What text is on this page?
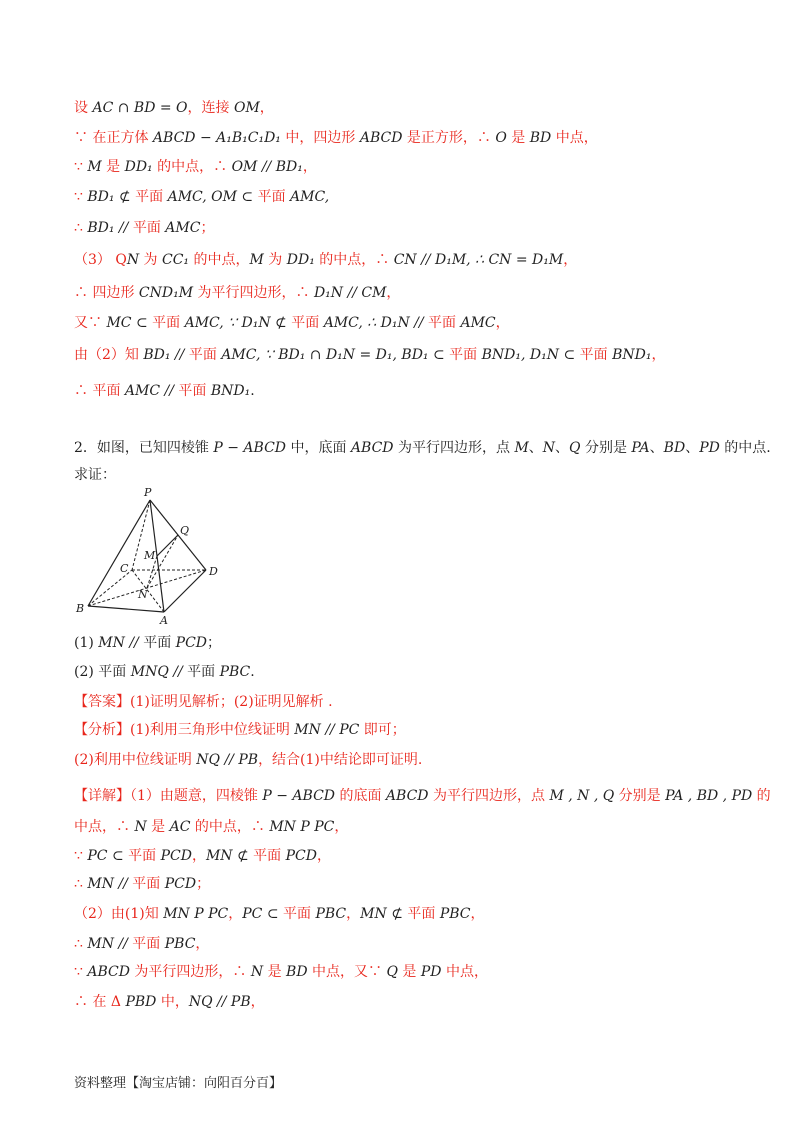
设 AC ∩ BD = O，连接 OM，
∵ 在正方体 ABCD − A₁B₁C₁D₁ 中，四边形 ABCD 是正方形，∴ O 是 BD 中点，
∵ M 是 DD₁ 的中点，∴ OM // BD₁，
∵ BD₁ ⊄ 平面 AMC, OM ⊂ 平面 AMC,
∴ BD₁ // 平面 AMC；
（3） QN 为 CC₁ 的中点，M 为 DD₁ 的中点，∴ CN // D₁M, ∴ CN = D₁M，
∴ 四边形 CND₁M 为平行四边形，∴ D₁N // CM，
又∵ MC ⊂ 平面 AMC, ∵ D₁N ⊄ 平面 AMC, ∴ D₁N // 平面 AMC，
由（2）知 BD₁ // 平面 AMC, ∵ BD₁ ∩ D₁N = D₁, BD₁ ⊂ 平面 BND₁, D₁N ⊂ 平面 BND₁，
∴ 平面 AMC // 平面 BND₁.
2．如图，已知四棱锥 P − ABCD 中，底面 ABCD 为平行四边形，点 M、N、Q 分别是 PA、BD、PD 的中点.
求证：
(1) MN // 平面 PCD；
(2) 平面 MNQ // 平面 PBC.
【答案】(1)证明见解析；(2)证明见解析 .
【分析】(1)利用三角形中位线证明 MN // PC 即可；
(2)利用中位线证明 NQ // PB，结合(1)中结论即可证明.
【详解】（1）由题意，四棱锥 P − ABCD 的底面 ABCD 为平行四边形，点 M , N , Q 分别是 PA , BD , PD 的
中点，∴ N 是 AC 的中点，∴ MN P PC，
∵ PC ⊂ 平面 PCD，MN ⊄ 平面 PCD，
∴ MN // 平面 PCD；
（2）由(1)知 MN P PC，PC ⊂ 平面 PBC，MN ⊄ 平面 PBC，
∴ MN // 平面 PBC，
∵ ABCD 为平行四边形，∴ N 是 BD 中点，又∵ Q 是 PD 中点，
∴ 在 Δ PBD 中，NQ // PB，
P
Q
M
C	D
N
B
A
资料整理【淘宝店铺：向阳百分百】
